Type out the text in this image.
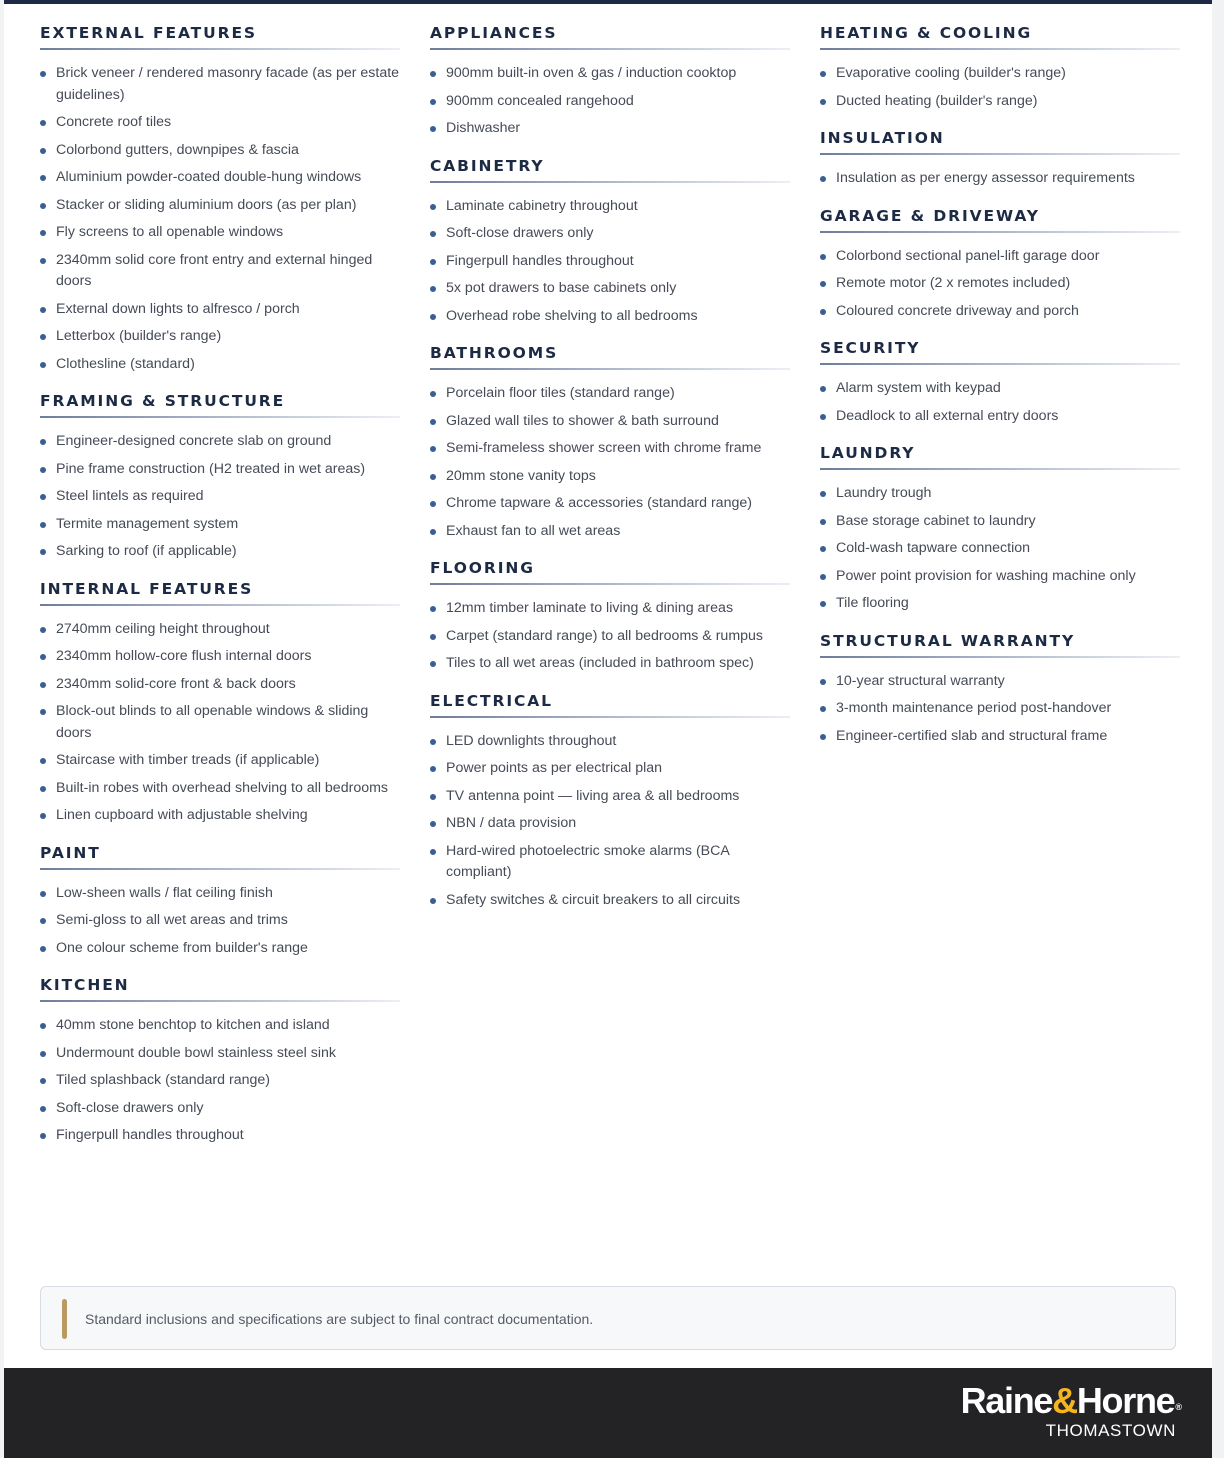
EXTERNAL FEATURES
Brick veneer / rendered masonry facade (as per estate guidelines)
Concrete roof tiles
Colorbond gutters, downpipes & fascia
Aluminium powder-coated double-hung windows
Stacker or sliding aluminium doors (as per plan)
Fly screens to all openable windows
2340mm solid core front entry and external hinged doors
External down lights to alfresco / porch
Letterbox (builder's range)
Clothesline (standard)
FRAMING & STRUCTURE
Engineer-designed concrete slab on ground
Pine frame construction (H2 treated in wet areas)
Steel lintels as required
Termite management system
Sarking to roof (if applicable)
INTERNAL FEATURES
2740mm ceiling height throughout
2340mm hollow-core flush internal doors
2340mm solid-core front & back doors
Block-out blinds to all openable windows & sliding doors
Staircase with timber treads (if applicable)
Built-in robes with overhead shelving to all bedrooms
Linen cupboard with adjustable shelving
PAINT
Low-sheen walls / flat ceiling finish
Semi-gloss to all wet areas and trims
One colour scheme from builder's range
KITCHEN
40mm stone benchtop to kitchen and island
Undermount double bowl stainless steel sink
Tiled splashback (standard range)
Soft-close drawers only
Fingerpull handles throughout
APPLIANCES
900mm built-in oven & gas / induction cooktop
900mm concealed rangehood
Dishwasher
CABINETRY
Laminate cabinetry throughout
Soft-close drawers only
Fingerpull handles throughout
5x pot drawers to base cabinets only
Overhead robe shelving to all bedrooms
BATHROOMS
Porcelain floor tiles (standard range)
Glazed wall tiles to shower & bath surround
Semi-frameless shower screen with chrome frame
20mm stone vanity tops
Chrome tapware & accessories (standard range)
Exhaust fan to all wet areas
FLOORING
12mm timber laminate to living & dining areas
Carpet (standard range) to all bedrooms & rumpus
Tiles to all wet areas (included in bathroom spec)
ELECTRICAL
LED downlights throughout
Power points as per electrical plan
TV antenna point — living area & all bedrooms
NBN / data provision
Hard-wired photoelectric smoke alarms (BCA compliant)
Safety switches & circuit breakers to all circuits
HEATING & COOLING
Evaporative cooling (builder's range)
Ducted heating (builder's range)
INSULATION
Insulation as per energy assessor requirements
GARAGE & DRIVEWAY
Colorbond sectional panel-lift garage door
Remote motor (2 x remotes included)
Coloured concrete driveway and porch
SECURITY
Alarm system with keypad
Deadlock to all external entry doors
LAUNDRY
Laundry trough
Base storage cabinet to laundry
Cold-wash tapware connection
Power point provision for washing machine only
Tile flooring
STRUCTURAL WARRANTY
10-year structural warranty
3-month maintenance period post-handover
Engineer-certified slab and structural frame
Standard inclusions and specifications are subject to final contract documentation.
Raine&Horne®
THOMASTOWN
